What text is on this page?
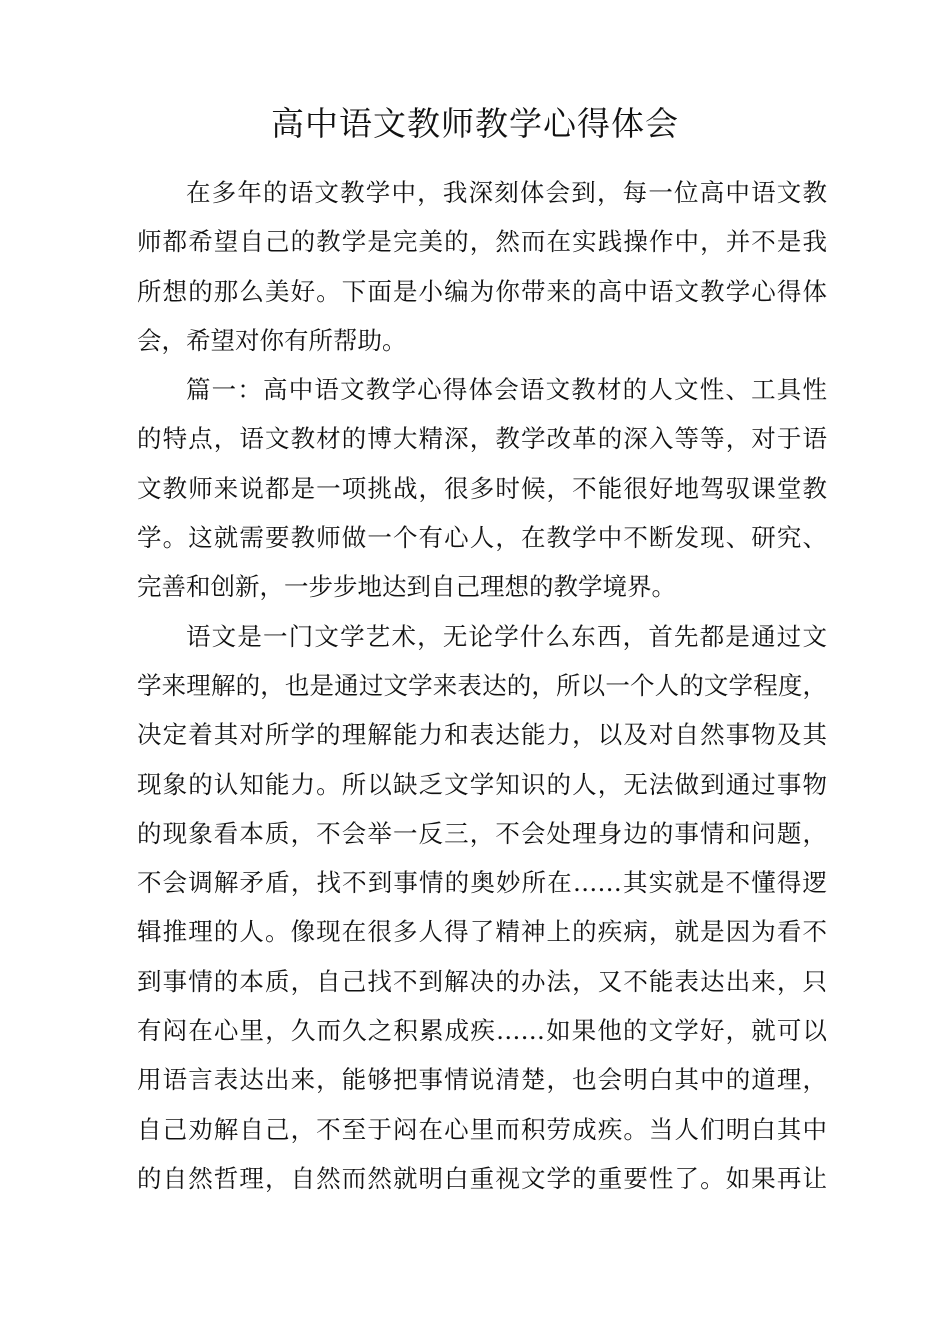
高中语文教师教学心得体会
在多年的语文教学中，我深刻体会到，每一位高中语文教
师都希望自己的教学是完美的，然而在实践操作中，并不是我
所想的那么美好。下面是小编为你带来的高中语文教学心得体
会，希望对你有所帮助。
篇一：高中语文教学心得体会语文教材的人文性、工具性
的特点，语文教材的博大精深，教学改革的深入等等，对于语
文教师来说都是一项挑战，很多时候，不能很好地驾驭课堂教
学。这就需要教师做一个有心人，在教学中不断发现、研究、
完善和创新，一步步地达到自己理想的教学境界。
语文是一门文学艺术，无论学什么东西，首先都是通过文
学来理解的，也是通过文学来表达的，所以一个人的文学程度，
决定着其对所学的理解能力和表达能力，以及对自然事物及其
现象的认知能力。所以缺乏文学知识的人，无法做到通过事物
的现象看本质，不会举一反三，不会处理身边的事情和问题，
不会调解矛盾，找不到事情的奥妙所在……其实就是不懂得逻
辑推理的人。像现在很多人得了精神上的疾病，就是因为看不
到事情的本质，自己找不到解决的办法，又不能表达出来，只
有闷在心里，久而久之积累成疾……如果他的文学好，就可以
用语言表达出来，能够把事情说清楚，也会明白其中的道理，
自己劝解自己，不至于闷在心里而积劳成疾。当人们明白其中
的自然哲理，自然而然就明白重视文学的重要性了。如果再让
